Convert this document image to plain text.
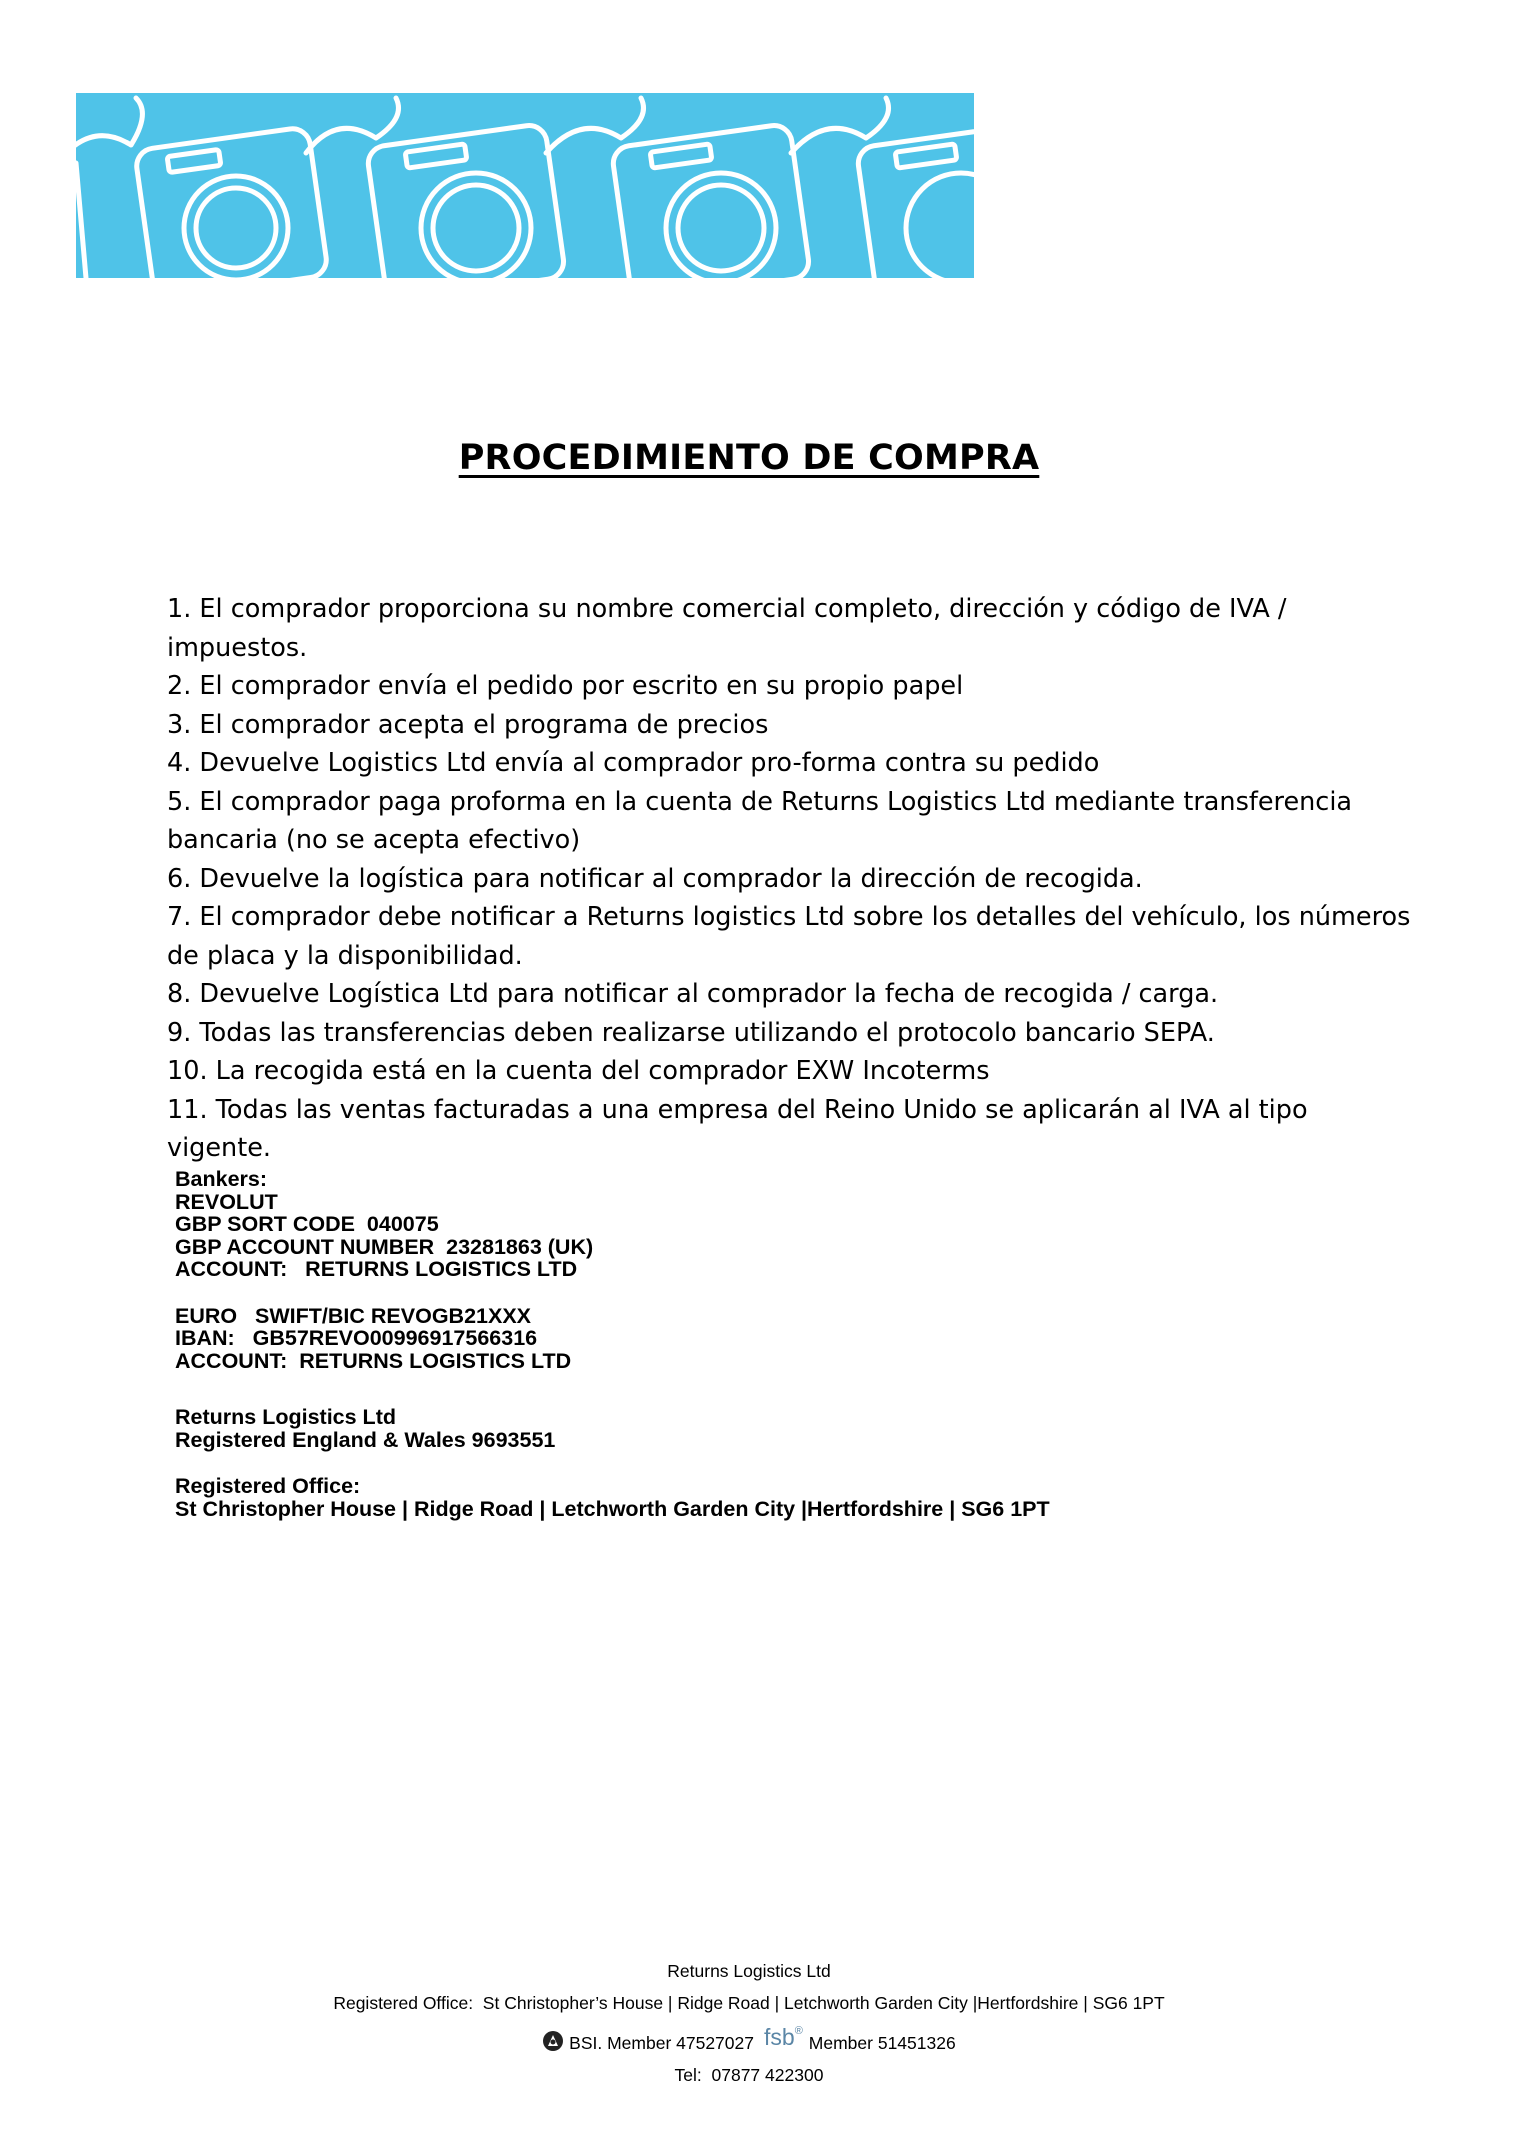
PROCEDIMIENTO DE COMPRA

1. El comprador proporciona su nombre comercial completo, dirección y código de IVA / impuestos.

2. El comprador envía el pedido por escrito en su propio papel

3. El comprador acepta el programa de precios

4. Devuelve Logistics Ltd envía al comprador pro-forma contra su pedido

5. El comprador paga proforma en la cuenta de Returns Logistics Ltd mediante transferencia bancaria (no se acepta efectivo)

6. Devuelve la logística para notificar al comprador la dirección de recogida.

7. El comprador debe notificar a Returns logistics Ltd sobre los detalles del vehículo, los números de placa y la disponibilidad.

8. Devuelve Logística Ltd para notificar al comprador la fecha de recogida / carga.

9. Todas las transferencias deben realizarse utilizando el protocolo bancario SEPA.

10. La recogida está en la cuenta del comprador EXW Incoterms

11. Todas las ventas facturadas a una empresa del Reino Unido se aplicarán al IVA al tipo vigente.

Bankers:
REVOLUT
GBP SORT CODE  040075
GBP ACCOUNT NUMBER  23281863 (UK)
ACCOUNT:   RETURNS LOGISTICS LTD
EURO   SWIFT/BIC REVOGB21XXX
IBAN:   GB57REVO00996917566316
ACCOUNT:  RETURNS LOGISTICS LTD
Returns Logistics Ltd
Registered England & Wales 9693551
Registered Office:
St Christopher House | Ridge Road | Letchworth Garden City |Hertfordshire | SG6 1PT
Returns Logistics Ltd
Registered Office:  St Christopher’s House | Ridge Road | Letchworth Garden City |Hertfordshire | SG6 1PT
BSI. Member 47527027 fsb®Member 51451326
Tel:  07877 422300
